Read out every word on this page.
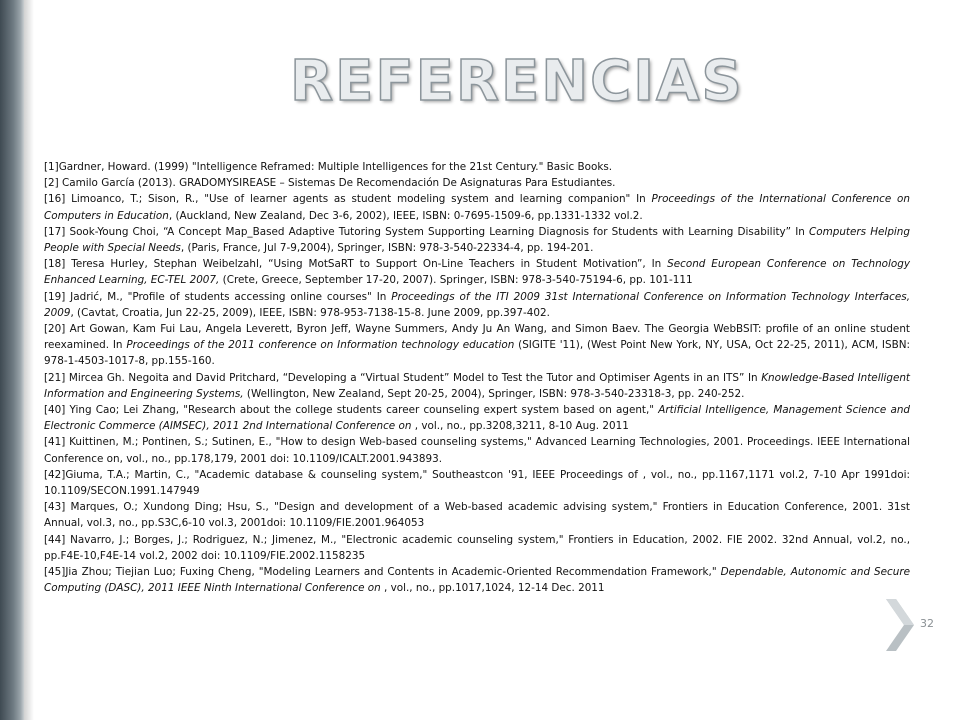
REFERENCIAS

[1]Gardner, Howard. (1999) "Intelligence Reframed: Multiple Intelligences for the 21st Century." Basic Books.

[2] Camilo García (2013). GRADOMYSIREASE – Sistemas De Recomendación De Asignaturas Para Estudiantes.

[16] Limoanco, T.; Sison, R., "Use of learner agents as student modeling system and learning companion" In Proceedings of the International Conference on Computers in Education, (Auckland, New Zealand, Dec 3-6, 2002), IEEE, ISBN: 0-7695-1509-6, pp.1331-1332 vol.2.

[17] Sook-Young Choi, “A Concept Map_Based Adaptive Tutoring System Supporting Learning Diagnosis for Students with Learning Disability” In Computers Helping People with Special Needs, (Paris, France, Jul 7-9,2004), Springer, ISBN: 978-3-540-22334-4, pp. 194-201.

[18] Teresa Hurley, Stephan Weibelzahl, “Using MotSaRT to Support On-Line Teachers in Student Motivation”, In Second European Conference on Technology Enhanced Learning, EC-TEL 2007, (Crete, Greece, September 17-20, 2007). Springer, ISBN: 978-3-540-75194-6, pp. 101-111

[19] Jadrić, M., "Profile of students accessing online courses" In Proceedings of the ITI 2009 31st International Conference on Information Technology Interfaces, 2009, (Cavtat, Croatia, Jun 22-25, 2009), IEEE, ISBN: 978-953-7138-15-8. June 2009, pp.397-402.

[20] Art Gowan, Kam Fui Lau, Angela Leverett, Byron Jeff, Wayne Summers, Andy Ju An Wang, and Simon Baev. The Georgia WebBSIT: profile of an online student reexamined. In Proceedings of the 2011 conference on Information technology education (SIGITE '11), (West Point New York, NY, USA, Oct 22-25, 2011), ACM, ISBN: 978-1-4503-1017-8, pp.155-160.

[21] Mircea Gh. Negoita and David Pritchard, “Developing a “Virtual Student” Model to Test the Tutor and Optimiser Agents in an ITS” In Knowledge-Based Intelligent Information and Engineering Systems, (Wellington, New Zealand, Sept 20-25, 2004), Springer, ISBN: 978-3-540-23318-3, pp. 240-252.

[40] Ying Cao; Lei Zhang, "Research about the college students career counseling expert system based on agent," Artificial Intelligence, Management Science and Electronic Commerce (AIMSEC), 2011 2nd International Conference on , vol., no., pp.3208,3211, 8-10 Aug. 2011

[41] Kuittinen, M.; Pontinen, S.; Sutinen, E., "How to design Web-based counseling systems," Advanced Learning Technologies, 2001. Proceedings. IEEE International Conference on, vol., no., pp.178,179, 2001 doi: 10.1109/ICALT.2001.943893.

[42]Giuma, T.A.; Martin, C., "Academic database & counseling system," Southeastcon '91, IEEE Proceedings of , vol., no., pp.1167,1171 vol.2, 7-10 Apr 1991doi: 10.1109/SECON.1991.147949

[43] Marques, O.; Xundong Ding; Hsu, S., "Design and development of a Web-based academic advising system," Frontiers in Education Conference, 2001. 31st Annual, vol.3, no., pp.S3C,6-10 vol.3, 2001doi: 10.1109/FIE.2001.964053

[44] Navarro, J.; Borges, J.; Rodriguez, N.; Jimenez, M., "Electronic academic counseling system," Frontiers in Education, 2002. FIE 2002. 32nd Annual, vol.2, no., pp.F4E-10,F4E-14 vol.2, 2002 doi: 10.1109/FIE.2002.1158235

[45]Jia Zhou; Tiejian Luo; Fuxing Cheng, "Modeling Learners and Contents in Academic-Oriented Recommendation Framework," Dependable, Autonomic and Secure Computing (DASC), 2011 IEEE Ninth International Conference on , vol., no., pp.1017,1024, 12-14 Dec. 2011

32
